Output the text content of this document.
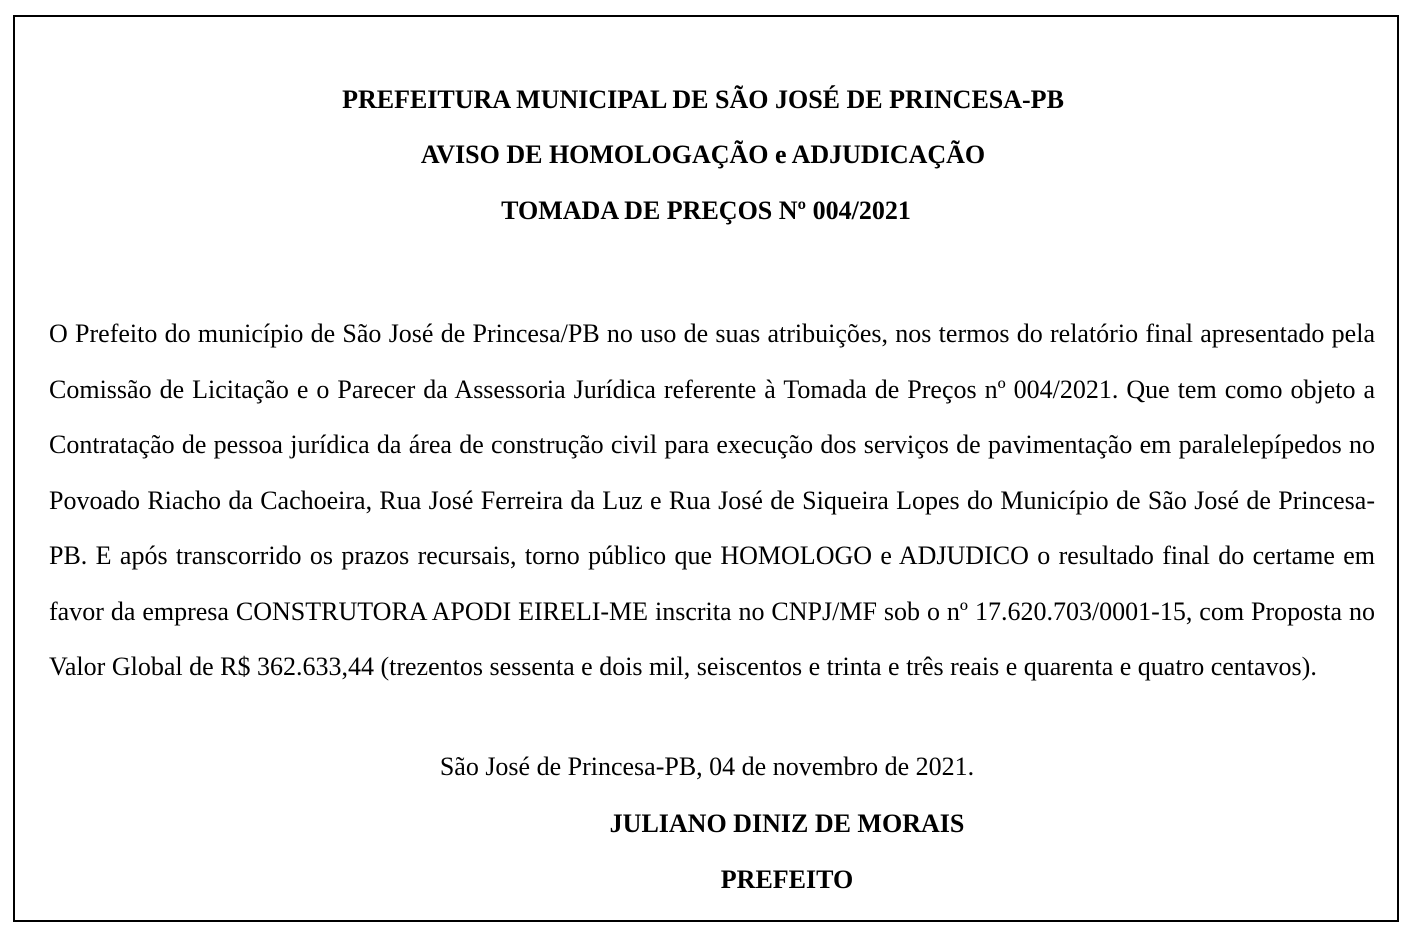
PREFEITURA MUNICIPAL DE SÃO JOSÉ DE PRINCESA-PB
AVISO DE HOMOLOGAÇÃO e ADJUDICAÇÃO
TOMADA DE PREÇOS Nº 004/2021

O Prefeito do município de São José de Princesa/PB no uso de suas atribuições, nos termos do relatório final apresentado pela Comissão de Licitação e o Parecer da Assessoria Jurídica referente à Tomada de Preços nº 004/2021. Que tem como objeto a Contratação de pessoa jurídica da área de construção civil para execução dos serviços de pavimentação em paralelepípedos no Povoado Riacho da Cachoeira, Rua José Ferreira da Luz e Rua José de Siqueira Lopes do Município de São José de Princesa-PB. E após transcorrido os prazos recursais, torno público que HOMOLOGO e ADJUDICO o resultado final do certame em favor da empresa CONSTRUTORA APODI EIRELI-ME inscrita no CNPJ/MF sob o nº 17.620.703/0001-15, com Proposta no Valor Global de R$ 362.633,44 (trezentos sessenta e dois mil, seiscentos e trinta e três reais e quarenta e quatro centavos).

São José de Princesa-PB, 04 de novembro de 2021.
JULIANO DINIZ DE MORAIS
PREFEITO
